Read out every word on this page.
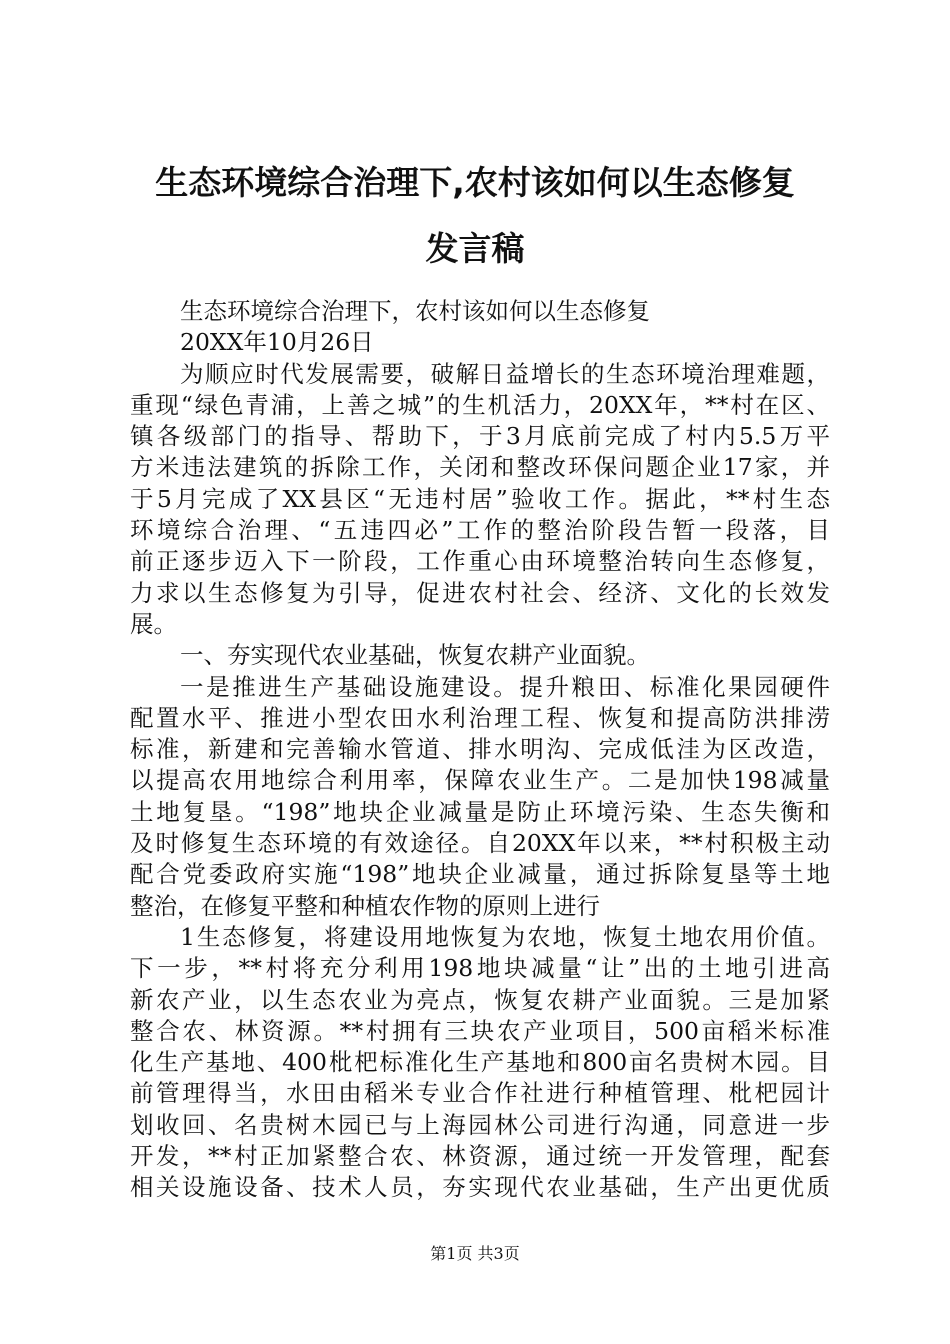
生态环境综合治理下,农村该如何以生态修复
发言稿
生态环境综合治理下，农村该如何以生态修复
20XX年10月26日
为顺应时代发展需要，破解日益增长的生态环境治理难题，
重现“绿色青浦，上善之城”的生机活力，20XX年，**村在区、
镇各级部门的指导、帮助下，于3月底前完成了村内5.5万平
方米违法建筑的拆除工作，关闭和整改环保问题企业17家，并
于5月完成了XX县区“无违村居”验收工作。据此，**村生态
环境综合治理、“五违四必”工作的整治阶段告暂一段落，目
前正逐步迈入下一阶段，工作重心由环境整治转向生态修复，
力求以生态修复为引导，促进农村社会、经济、文化的长效发
展。
一、夯实现代农业基础，恢复农耕产业面貌。
一是推进生产基础设施建设。提升粮田、标准化果园硬件
配置水平、推进小型农田水利治理工程、恢复和提高防洪排涝
标准，新建和完善输水管道、排水明沟、完成低洼为区改造，
以提高农用地综合利用率，保障农业生产。二是加快198减量
土地复垦。“198”地块企业减量是防止环境污染、生态失衡和
及时修复生态环境的有效途径。自20XX年以来，**村积极主动
配合党委政府实施“198”地块企业减量，通过拆除复垦等土地
整治，在修复平整和种植农作物的原则上进行
1生态修复，将建设用地恢复为农地，恢复土地农用价值。
下一步，**村将充分利用198地块减量“让”出的土地引进高
新农产业，以生态农业为亮点，恢复农耕产业面貌。三是加紧
整合农、林资源。**村拥有三块农产业项目，500亩稻米标准
化生产基地、400枇杷标准化生产基地和800亩名贵树木园。目
前管理得当，水田由稻米专业合作社进行种植管理、枇杷园计
划收回、名贵树木园已与上海园林公司进行沟通，同意进一步
开发，**村正加紧整合农、林资源，通过统一开发管理，配套
相关设施设备、技术人员，夯实现代农业基础，生产出更优质
第1页 共3页
